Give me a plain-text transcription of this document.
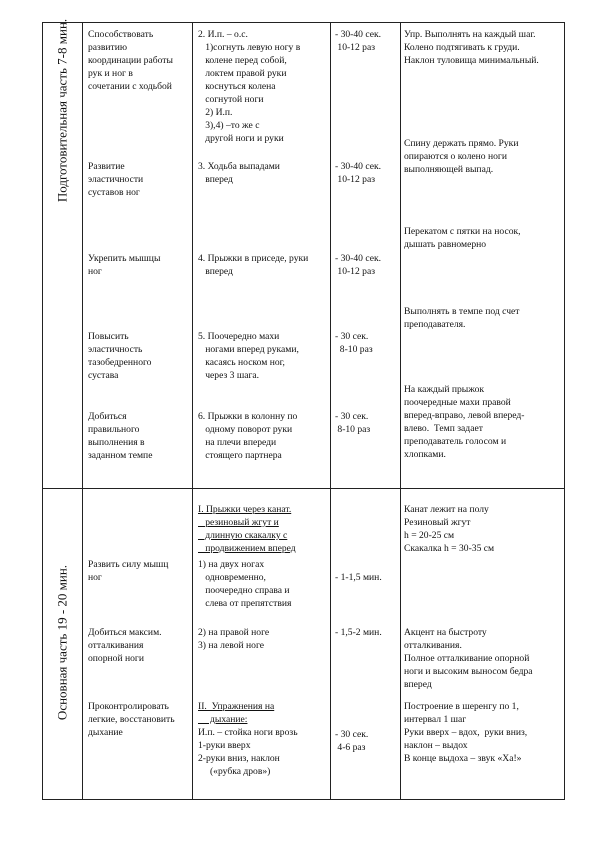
Подготовительная часть 7-8 мин.
Основная часть 19 - 20 мин.
Способствовать
развитию
координации работы
рук и ног в
сочетании с ходьбой
2. И.п. – о.с.
1)согнуть левую ногу в
колене перед собой,
локтем правой руки
коснуться колена
согнутой ноги
2) И.п.
3),4) –то же с
другой ноги и руки
- 30-40 сек.
10-12 раз
Упр. Выполнять на каждый шаг.
Колено подтягивать к груди.
Наклон туловища минимальный.
Развитие
эластичности
суставов ног
3. Ходьба выпадами
вперед
- 30-40 сек.
10-12 раз
Спину держать прямо. Руки
опираются о колено ноги
выполняющей выпад.
Укрепить мышцы
ног
4. Прыжки в приседе, руки
вперед
- 30-40 сек.
10-12 раз
Перекатом с пятки на носок,
дышать равномерно
Повысить
эластичность
тазобедренного
сустава
5. Поочередно махи
ногами вперед руками,
касаясь носком ног,
через 3 шага.
- 30 сек.
8-10 раз
Выполнять в темпе под счет
преподавателя.
Добиться
правильного
выполнения в
заданном темпе
6. Прыжки в колонну по
одному поворот руки
на плечи впереди
стоящего партнера
- 30 сек.
8-10 раз
На каждый прыжок
поочередные махи правой
вперед-вправо, левой вперед-
влево.  Темп задает
преподаватель голосом и
хлопками.
I. Прыжки через канат.
резиновый жгут и
длинную скакалку с
продвижением вперед
Канат лежит на полу
Резиновый жгут
h = 20-25 см
Скакалка h = 30-35 см
Развить силу мышц
ног
1) на двух ногах
одновременно,
поочередно справа и
слева от препятствия
- 1-1,5 мин.
Добиться максим.
отталкивания
опорной ноги
2) на правой ноге
3) на левой ноге
- 1,5-2 мин. Акцент на быстроту
отталкивания.
Полное отталкивание опорной
ноги и высоким выносом бедра
вперед
Проконтролировать
легкие, восстановить
дыхание
II.  Упражнения на
дыхание:
И.п. – стойка ноги врозь
1-руки вверх
2-руки вниз, наклон
(«рубка дров»)
- 30 сек.
4-6 раз
Построение в шеренгу по 1,
интервал 1 шаг
Руки вверх – вдох,  руки вниз,
наклон – выдох
В конце выдоха – звук «Ха!»
